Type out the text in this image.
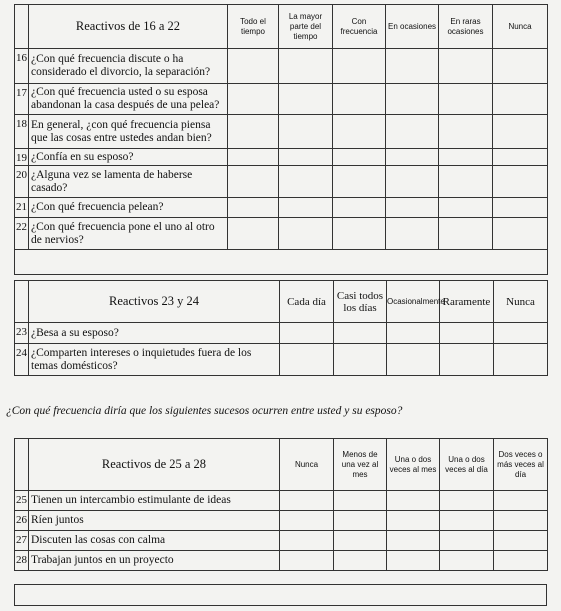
	Reactivos de 16 a 22	Todo el tiempo	La mayor parte del tiempo	Con frecuencia	En ocasiones	En raras ocasiones	Nunca
16	¿Con qué frecuencia discute o ha considerado el divorcio, la separación?						
17	¿Con qué frecuencia usted o su esposa abandonan la casa después de una pelea?						
18	En general, ¿con qué frecuencia piensa que las cosas entre ustedes andan bien?						
19	¿Confía en su esposo?						
20	¿Alguna vez se lamenta de haberse casado?						
21	¿Con qué frecuencia pelean?						
22	¿Con qué frecuencia pone el uno al otro de nervios?						

	Reactivos 23 y 24	Cada día	Casi todos los días	Ocasionalmente	Raramente	Nunca
23	¿Besa a su esposo?					
24	¿Comparten intereses o inquietudes fuera de los temas domésticos?					
¿Con qué frecuencia diría que los siguientes sucesos ocurren entre usted y su esposo?
	Reactivos de 25 a 28	Nunca	Menos de una vez al mes	Una o dos veces al mes	Una o dos veces al día	Dos veces o más veces al día
25	Tienen un intercambio estimulante de ideas					
26	Ríen juntos					
27	Discuten las cosas con calma					
28	Trabajan juntos en un proyecto					
